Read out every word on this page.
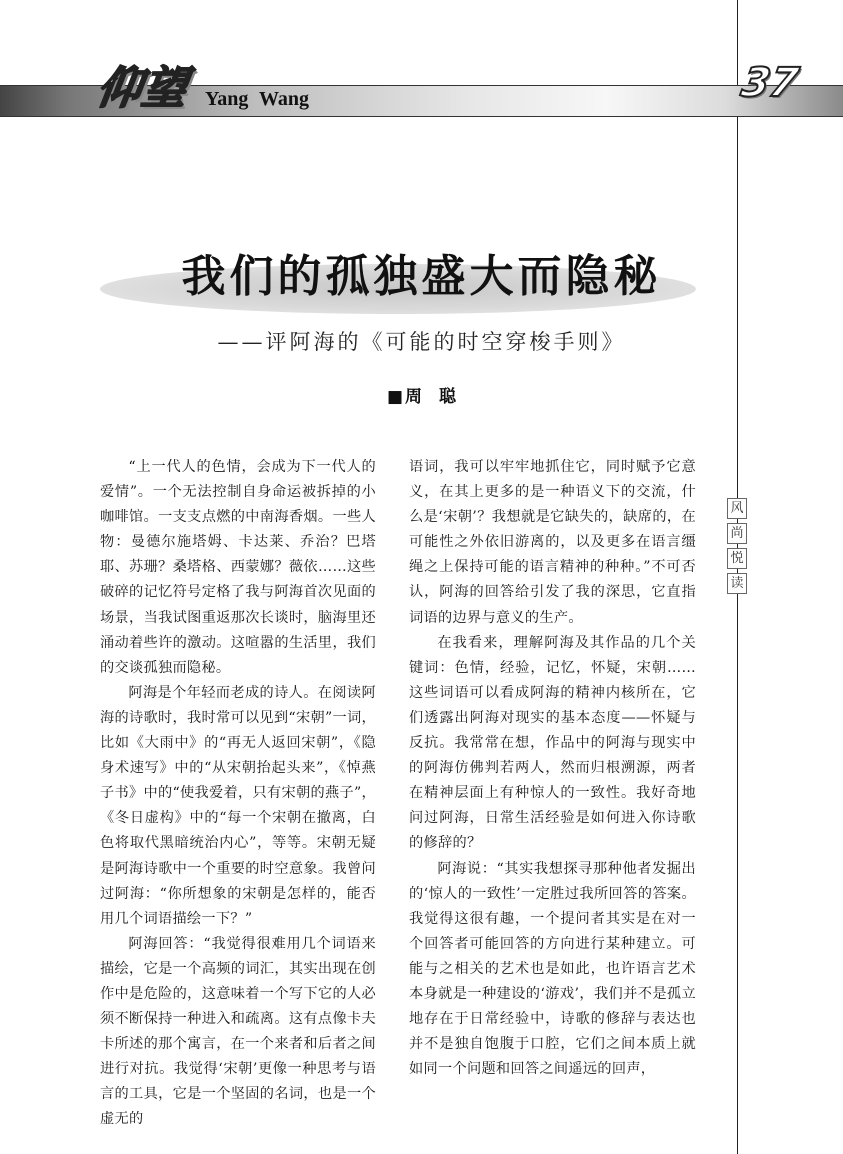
仰望 Yang Wang	37
风
尚
悦
读
我们的孤独盛大而隐秘
——评阿海的《可能的时空穿梭手则》
■ 周　聪

“上一代人的色情，会成为下一代人的爱情”。一个无法控制自身命运被拆掉的小咖啡馆。一支支点燃的中南海香烟。一些人物：曼德尔施塔姆、卡达莱、乔治？巴塔耶、苏珊？桑塔格、西蒙娜？薇依……这些破碎的记忆符号定格了我与阿海首次见面的场景，当我试图重返那次长谈时，脑海里还涌动着些许的激动。这喧嚣的生活里，我们的交谈孤独而隐秘。

阿海是个年轻而老成的诗人。在阅读阿海的诗歌时，我时常可以见到“宋朝”一词，比如《大雨中》的“再无人返回宋朝”，《隐身术速写》中的“从宋朝抬起头来”，《悼燕子书》中的“使我爱着，只有宋朝的燕子”，《冬日虚构》中的“每一个宋朝在撤离，白色将取代黑暗统治内心”，等等。宋朝无疑是阿海诗歌中一个重要的时空意象。我曾问过阿海：“你所想象的宋朝是怎样的，能否用几个词语描绘一下？”

阿海回答：“我觉得很难用几个词语来描绘，它是一个高频的词汇，其实出现在创作中是危险的，这意味着一个写下它的人必须不断保持一种进入和疏离。这有点像卡夫卡所述的那个寓言，在一个来者和后者之间进行对抗。我觉得‘宋朝’更像一种思考与语言的工具，它是一个坚固的名词，也是一个虚无的

语词，我可以牢牢地抓住它，同时赋予它意义，在其上更多的是一种语义下的交流，什么是‘宋朝’？我想就是它缺失的，缺席的，在可能性之外依旧游离的，以及更多在语言缰绳之上保持可能的语言精神的种种。”不可否认，阿海的回答给引发了我的深思，它直指词语的边界与意义的生产。

在我看来，理解阿海及其作品的几个关键词：色情，经验，记忆，怀疑，宋朝……这些词语可以看成阿海的精神内核所在，它们透露出阿海对现实的基本态度——怀疑与反抗。我常常在想，作品中的阿海与现实中的阿海仿佛判若两人，然而归根溯源，两者在精神层面上有种惊人的一致性。我好奇地问过阿海，日常生活经验是如何进入你诗歌的修辞的？

阿海说：“其实我想探寻那种他者发掘出的‘惊人的一致性’一定胜过我所回答的答案。我觉得这很有趣，一个提问者其实是在对一个回答者可能回答的方向进行某种建立。可能与之相关的艺术也是如此，也许语言艺术本身就是一种建设的‘游戏’，我们并不是孤立地存在于日常经验中，诗歌的修辞与表达也并不是独自饱腹于口腔，它们之间本质上就如同一个问题和回答之间遥远的回声，
